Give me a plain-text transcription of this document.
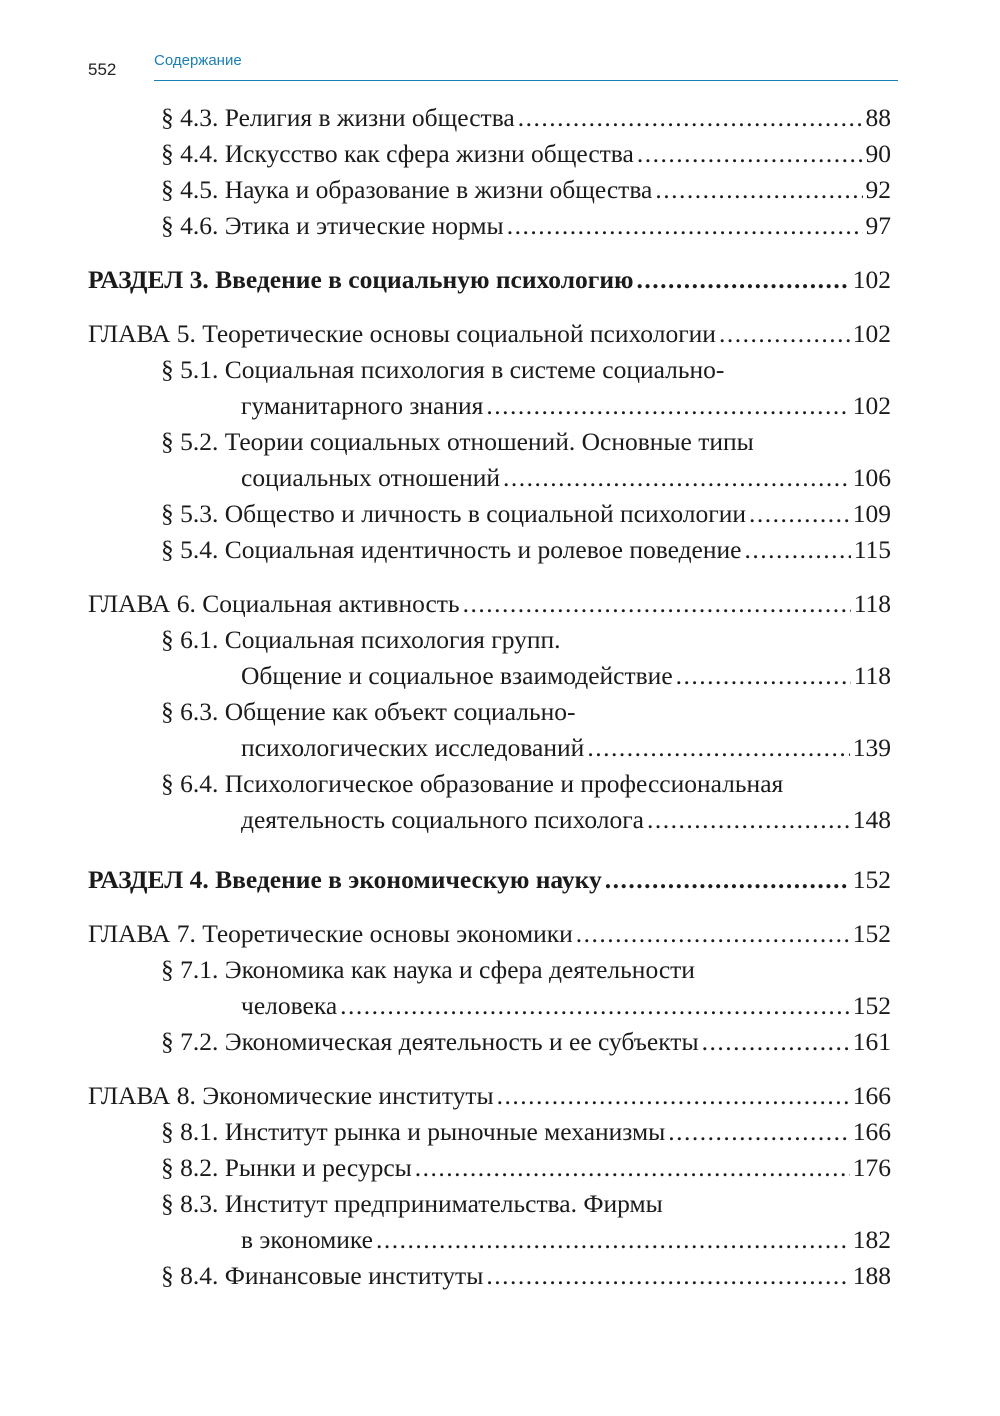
552	Содержание
§ 4.3. Религия в жизни общества .....	88
§ 4.4. Искусство как сфера жизни общества .....	90
§ 4.5. Наука и образование в жизни общества .....	92
§ 4.6. Этика и этические нормы .....	97
РАЗДЕЛ 3. Введение в социальную психологию .....	102
ГЛАВА 5. Теоретические основы социальной психологии .....	102
§ 5.1. Социальная психология в системе социально-
гуманитарного знания .....	102
§ 5.2. Теории социальных отношений. Основные типы
социальных отношений .....	106
§ 5.3. Общество и личность в социальной психологии .....	109
§ 5.4. Социальная идентичность и ролевое поведение .....	115
ГЛАВА 6. Социальная активность .....	118
§ 6.1. Социальная психология групп.
Общение и социальное взаимодействие .....	118
§ 6.3. Общение как объект социально-
психологических исследований .....	139
§ 6.4. Психологическое образование и профессиональная
деятельность социального психолога .....	148
РАЗДЕЛ 4. Введение в экономическую науку .....	152
ГЛАВА 7. Теоретические основы экономики .....	152
§ 7.1. Экономика как наука и сфера деятельности
человека .....	152
§ 7.2. Экономическая деятельность и ее субъекты .....	161
ГЛАВА 8. Экономические институты .....	166
§ 8.1. Институт рынка и рыночные механизмы .....	166
§ 8.2. Рынки и ресурсы .....	176
§ 8.3. Институт предпринимательства. Фирмы
в экономике .....	182
§ 8.4. Финансовые институты .....	188
